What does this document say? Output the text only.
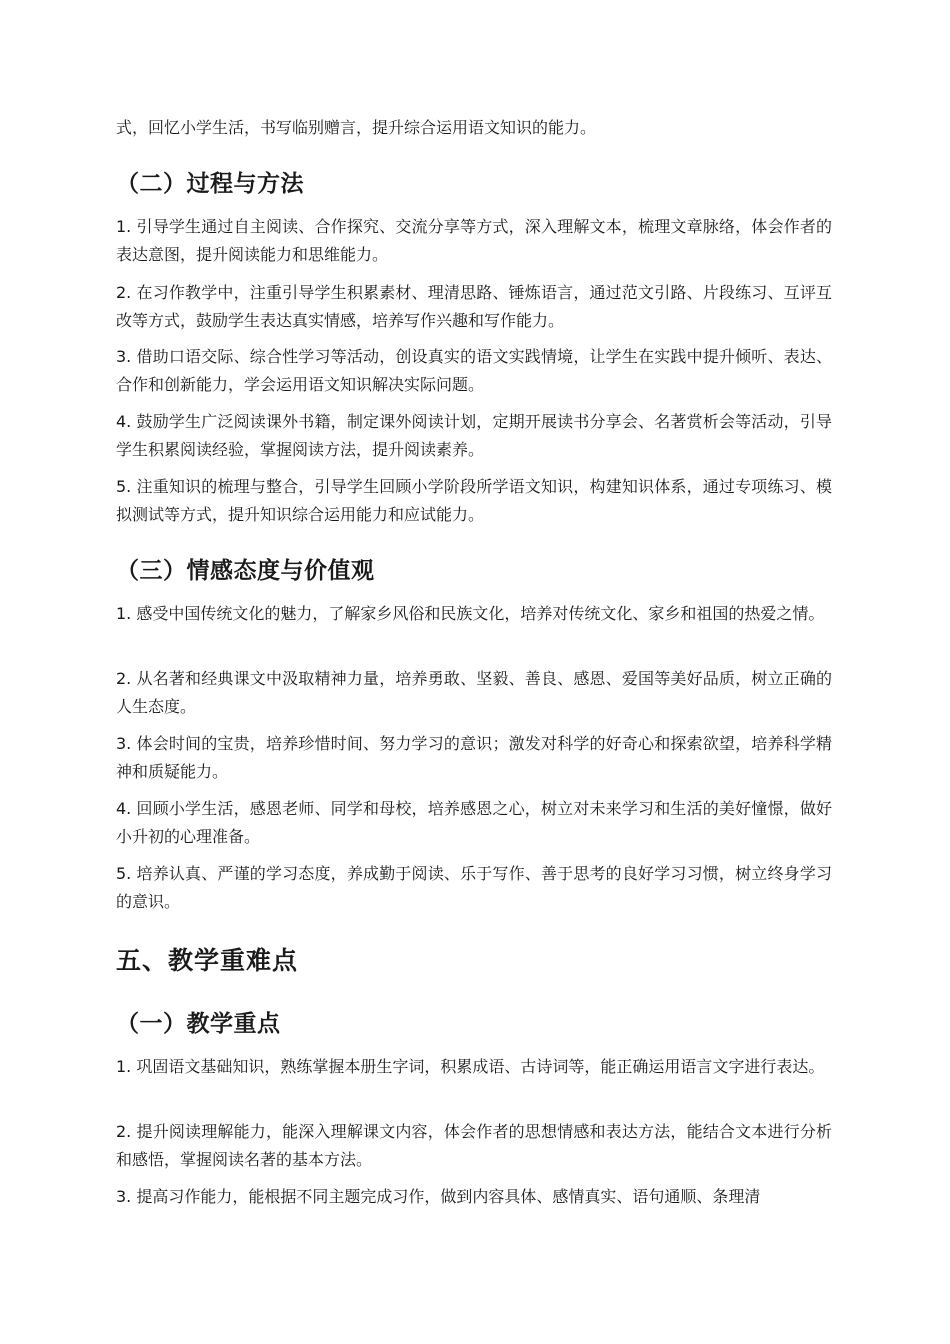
式，回忆小学生活，书写临别赠言，提升综合运用语文知识的能力。

（二）过程与方法

1. 引导学生通过自主阅读、合作探究、交流分享等方式，深入理解文本，梳理文章脉络，体会作者的表达意图，提升阅读能力和思维能力。

2. 在习作教学中，注重引导学生积累素材、理清思路、锤炼语言，通过范文引路、片段练习、互评互改等方式，鼓励学生表达真实情感，培养写作兴趣和写作能力。

3. 借助口语交际、综合性学习等活动，创设真实的语文实践情境，让学生在实践中提升倾听、表达、合作和创新能力，学会运用语文知识解决实际问题。

4. 鼓励学生广泛阅读课外书籍，制定课外阅读计划，定期开展读书分享会、名著赏析会等活动，引导学生积累阅读经验，掌握阅读方法，提升阅读素养。

5. 注重知识的梳理与整合，引导学生回顾小学阶段所学语文知识，构建知识体系，通过专项练习、模拟测试等方式，提升知识综合运用能力和应试能力。

（三）情感态度与价值观

1. 感受中国传统文化的魅力，了解家乡风俗和民族文化，培养对传统文化、家乡和祖国的热爱之情。

2. 从名著和经典课文中汲取精神力量，培养勇敢、坚毅、善良、感恩、爱国等美好品质，树立正确的人生态度。

3. 体会时间的宝贵，培养珍惜时间、努力学习的意识；激发对科学的好奇心和探索欲望，培养科学精神和质疑能力。

4. 回顾小学生活，感恩老师、同学和母校，培养感恩之心，树立对未来学习和生活的美好憧憬，做好小升初的心理准备。

5. 培养认真、严谨的学习态度，养成勤于阅读、乐于写作、善于思考的良好学习习惯，树立终身学习的意识。

五、教学重难点
（一）教学重点

1. 巩固语文基础知识，熟练掌握本册生字词，积累成语、古诗词等，能正确运用语言文字进行表达。

2. 提升阅读理解能力，能深入理解课文内容，体会作者的思想情感和表达方法，能结合文本进行分析和感悟，掌握阅读名著的基本方法。

3. 提高习作能力，能根据不同主题完成习作，做到内容具体、感情真实、语句通顺、条理清
